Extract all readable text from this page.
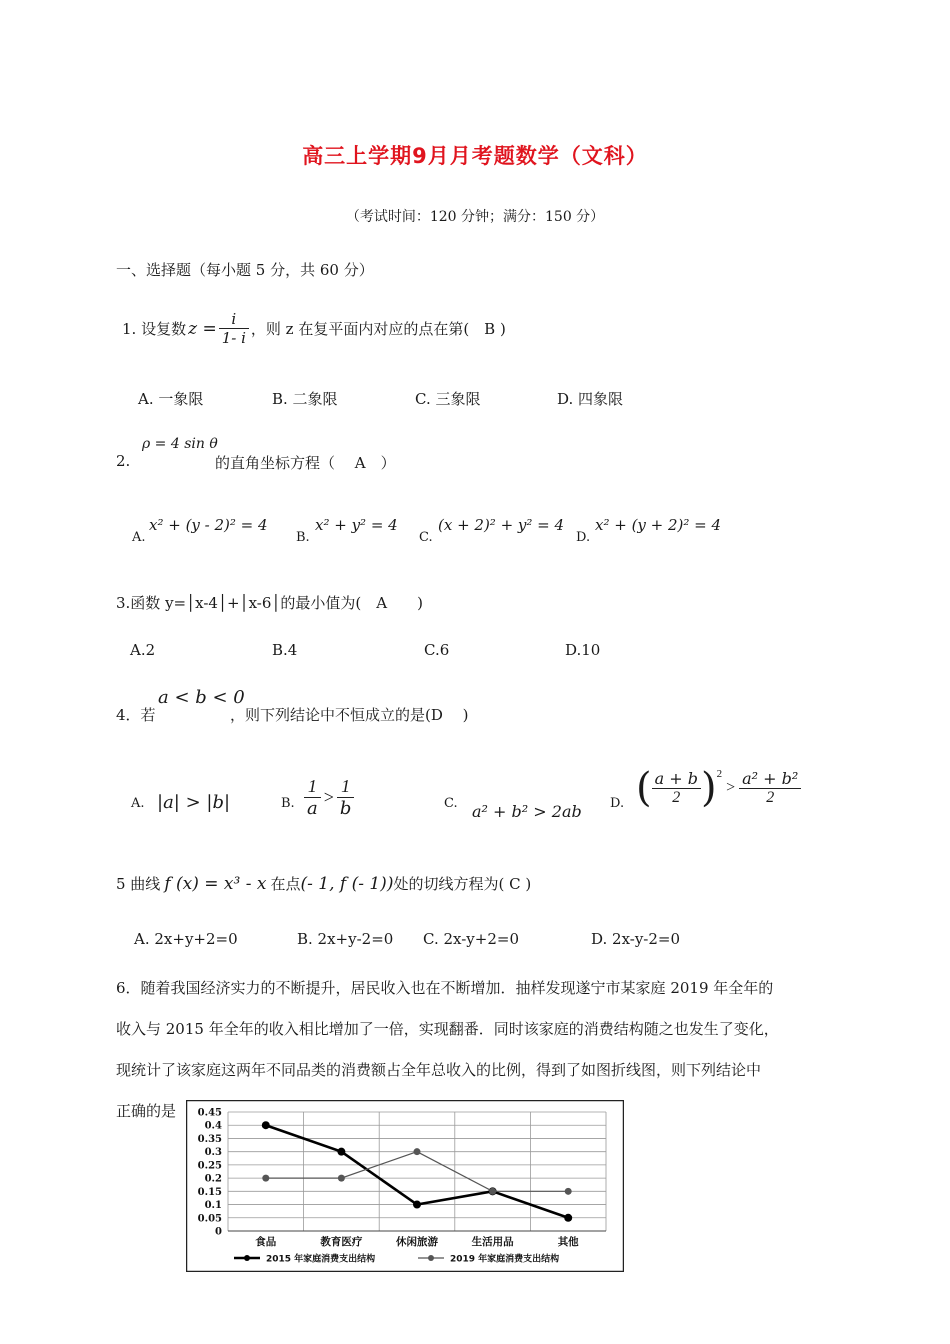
高三上学期9月月考题数学（文科）
（考试时间：120 分钟；满分：150 分）
一、选择题（每小题 5 分，共 60 分）
1. 设复数 $z = \frac{i}{1- i}$ ，则 z 在复平面内对应的点在第(　B )
A. 一象限	B. 二象限	C. 三象限	D. 四象限
ρ = 4 sin θ
2.	的直角坐标方程（　 A　）
A.
x² + (y - 2)² = 4
B.
x² + y² = 4
C.
(x + 2)² + y² = 4
D.
x² + (y + 2)² = 4
3.函数 y=│x-4│+│x-6│的最小值为(　A　　)
A.2	B.4	C.6	D.10
a < b < 0
4．若	，则下列结论中不恒成立的是(D　 )
A. |a| > |b|	B. $\frac{1}{a} > \frac{1}{b}$	C. a² + b² > 2ab D. ( $\frac{a + b}{2}$ ) 2
> $\frac{\text{a² + b²}}{2}$
5 曲线 f (x) = x³ - x 在点 (- 1, f (- 1)) 处的切线方程为( C )
A. 2x+y+2=0	B. 2x+y-2=0 C. 2x-y+2=0	D. 2x-y-2=0
6．随着我国经济实力的不断提升，居民收入也在不断增加．抽样发现遂宁市某家庭 2019 年全年的
收入与 2015 年全年的收入相比增加了一倍，实现翻番．同时该家庭的消费结构随之也发生了变化，
现统计了该家庭这两年不同品类的消费额占全年总收入的比例，得到了如图折线图，则下列结论中
正确的是 0.45
0.4
0.35
0.3
0.25
0.2
0.15
0.1
0.05
0
食品	教育医疗	休闲旅游	生活用品	其他
2015 年家庭消费支出结构	2019 年家庭消费支出结构
